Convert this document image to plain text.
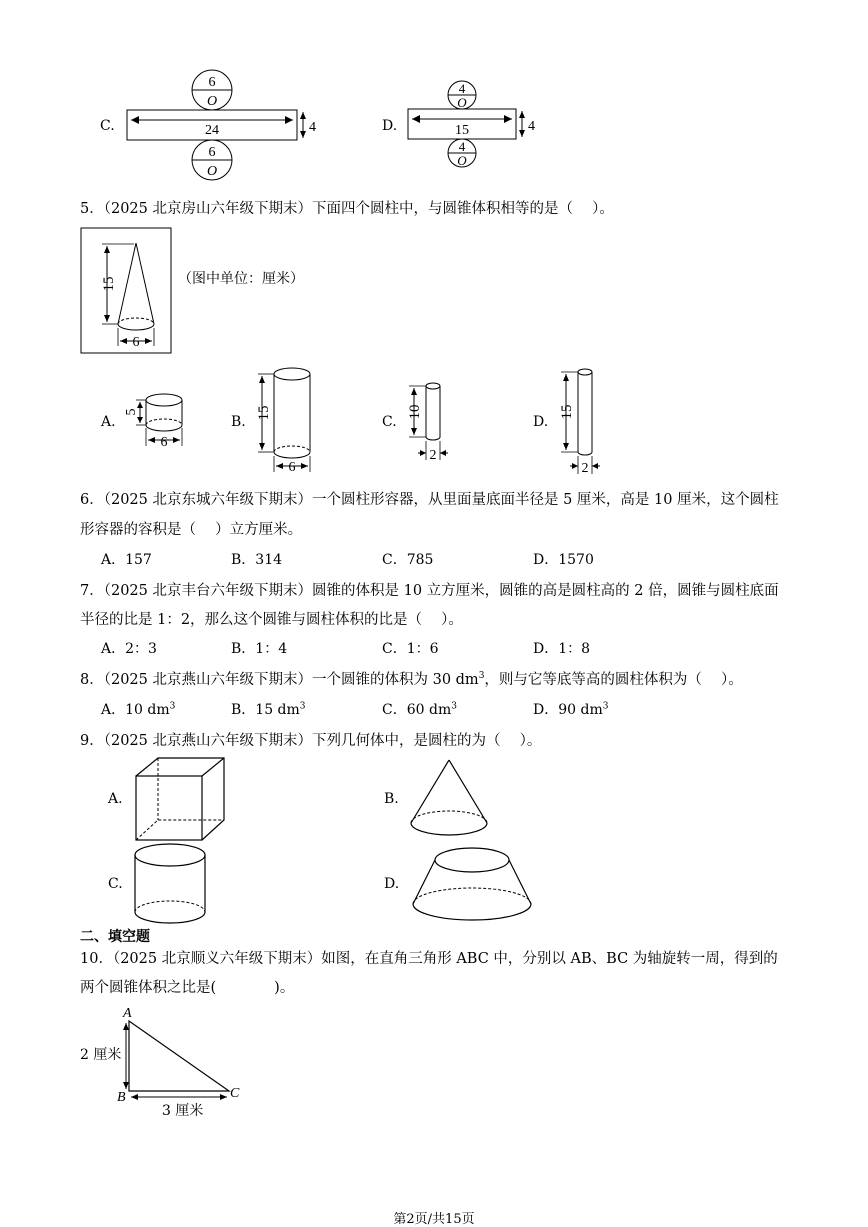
C.
6
O
24	4
6
O
D.
4
O
15	4
4
O
5．（2025 北京房山六年级下期末）下面四个圆柱中，与圆锥体积相等的是（　 ）。
15
6
（图中单位：厘米）
A.
5
6
B.
15
6
C.
10
2
D.
15
2
6．（2025 北京东城六年级下期末）一个圆柱形容器，从里面量底面半径是 5 厘米，高是 10 厘米，这个圆柱
形容器的容积是（　 ）立方厘米。
A．157	B．314	C．785	D．1570
7．（2025 北京丰台六年级下期末）圆锥的体积是 10 立方厘米，圆锥的高是圆柱高的 2 倍，圆锥与圆柱底面
半径的比是 1：2，那么这个圆锥与圆柱体积的比是（　 ）。
A．2：3	B．1：4	C．1：6	D．1：8
8．（2025 北京燕山六年级下期末）一个圆锥的体积为 30 $dm^3$，则与它等底等高的圆柱体积为（　 ）。
A．10 $dm^3$	B．15 $dm^3$	C．60 $dm^3$	D．90 $dm^3$
9．（2025 北京燕山六年级下期末）下列几何体中，是圆柱的为（　 ）。
A.	B.
C.	D.
二、填空题
10．（2025 北京顺义六年级下期末）如图，在直角三角形 ABC 中，分别以 AB、BC 为轴旋转一周，得到的
两个圆锥体积之比是(　　　　)。
A
B	C
2 厘米
3 厘米
第2页/共15页
